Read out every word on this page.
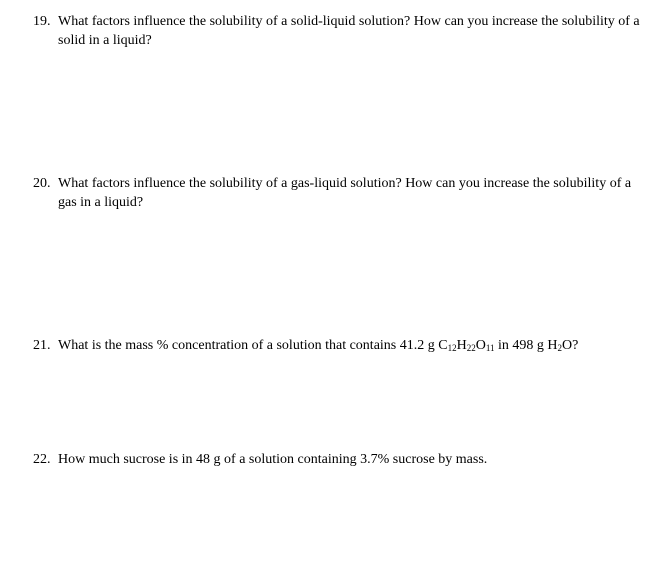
19. What factors influence the solubility of a solid-liquid solution? How can you increase the solubility of a solid in a liquid?
20. What factors influence the solubility of a gas-liquid solution? How can you increase the solubility of a gas in a liquid?
21. What is the mass % concentration of a solution that contains 41.2 g $C_{12}H_{22}O_{11}$ in 498 g $H_2O$?
22. How much sucrose is in 48 g of a solution containing 3.7% sucrose by mass.
